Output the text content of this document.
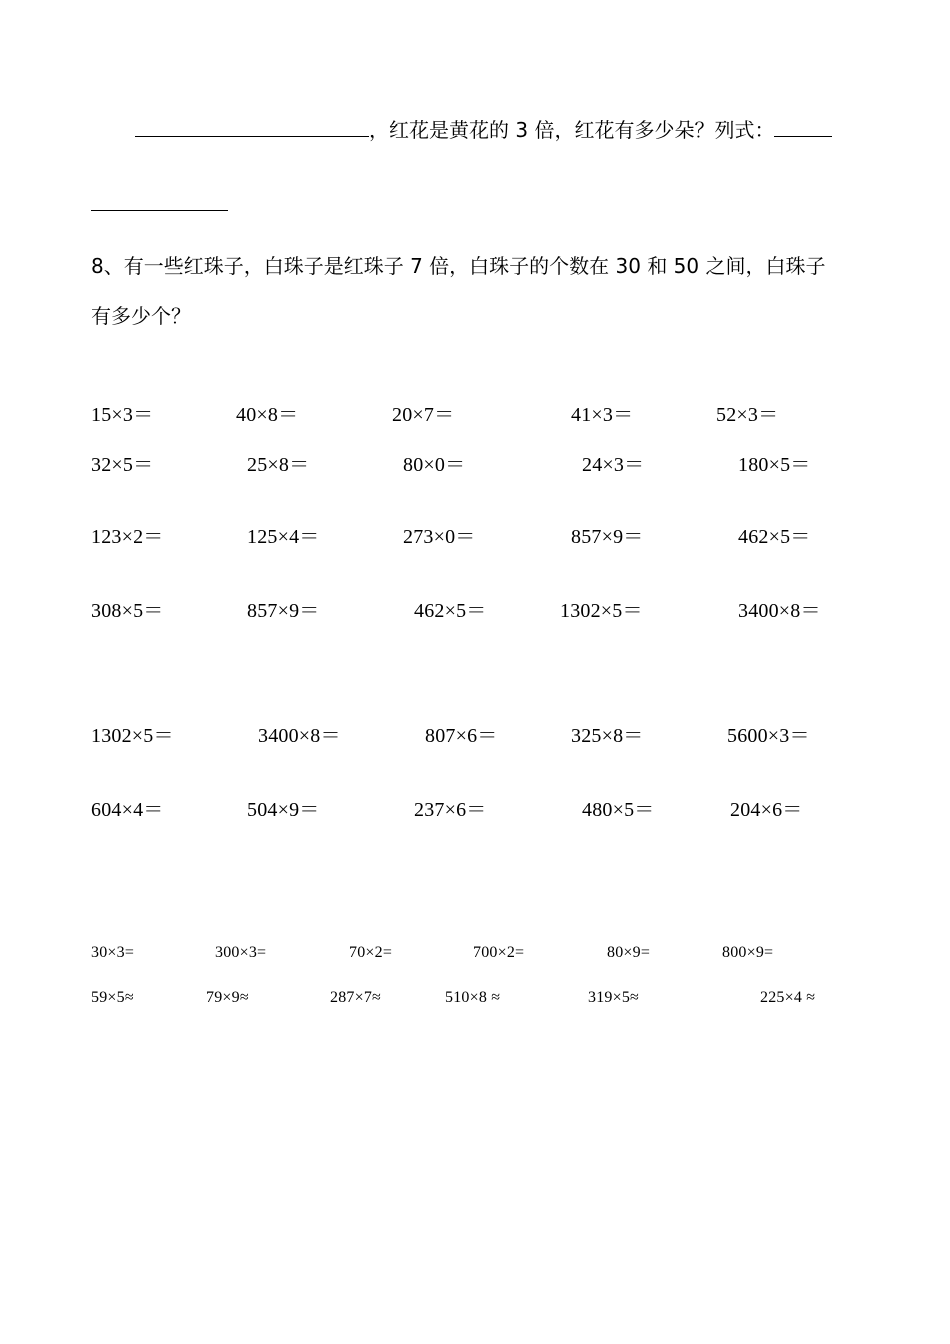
，红花是黄花的 3 倍，红花有多少朵？列式：
8、有一些红珠子，白珠子是红珠子 7 倍，白珠子的个数在 30 和 50 之间，白珠子
有多少个？
15×3＝	40×8＝	20×7＝	41×3＝	52×3＝
32×5＝	25×8＝	80×0＝	24×3＝	180×5＝
123×2＝	125×4＝	273×0＝	857×9＝	462×5＝
308×5＝	857×9＝	462×5＝	1302×5＝	3400×8＝
1302×5＝	3400×8＝	807×6＝	325×8＝	5600×3＝
604×4＝	504×9＝	237×6＝	480×5＝	204×6＝
30×3=	300×3=	70×2=	700×2=	80×9=	800×9=
59×5≈	79×9≈	287×7≈	510×8 ≈	319×5≈	225×4 ≈
